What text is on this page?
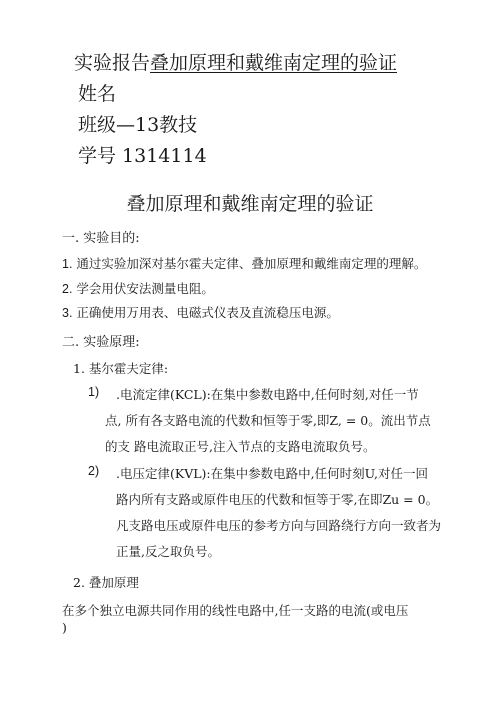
实验报告叠加原理和戴维南定理的验证
姓名
班级—13教技
学号 1314114
叠加原理和戴维南定理的验证
一. 实验目的:
1. 通过实验加深对基尔霍夫定律、叠加原理和戴维南定理的理解。
2. 学会用伏安法测量电阻。
3. 正确使用万用表、电磁式仪表及直流稳压电源。
二. 实验原理:
1. 基尔霍夫定律:
1) .电流定律(KCL):在集中参数电路中,任何时刻,对任一节
点, 所有各支路电流的代数和恒等于零,即Z, = 0。流出节点
的支 路电流取正号,注入节点的支路电流取负号。
2) .电压定律(KVL):在集中参数电路中,任何时刻U,对任一回
路内所有支路或原件电压的代数和恒等于零,在即Zu = 0。
凡支路电压或原件电压的参考方向与回路绕行方向一致者为
正量,反之取负号。
2. 叠加原理
在多个独立电源共同作用的线性电路中,任一支路的电流(或电压
)
